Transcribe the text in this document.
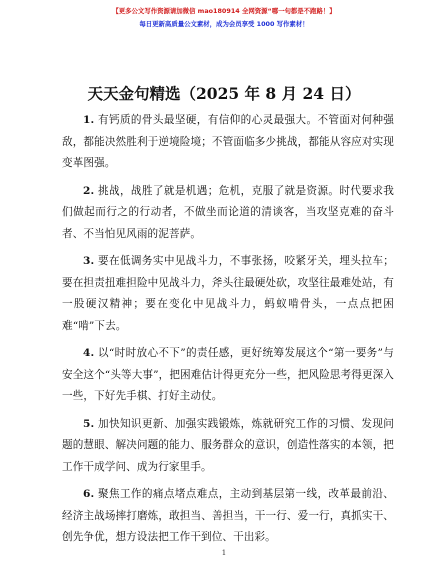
【更多公文写作资源请加微信 mao180914 全网资源“哪一句都是不跑路！】
每日更新高质量公文素材，成为会员享受 1000 写作素材！
天天金句精选（2025 年 8 月 24 日）

1. 有钙质的骨头最坚硬，有信仰的心灵最强大。不管面对何种强敌，都能决然胜利于逆境险境；不管面临多少挑战，都能从容应对实现变革图强。

2. 挑战，战胜了就是机遇；危机，克服了就是资源。时代要求我们做起而行之的行动者，不做坐而论道的清谈客，当攻坚克难的奋斗者、不当怕见风雨的泥菩萨。

3. 要在低调务实中见战斗力，不事张扬，咬紧牙关，埋头拉车；要在担责扭难担险中见战斗力，斧头往最硬处砍，攻坚往最难处站，有一股硬汉精神；要在变化中见战斗力，蚂蚁啃骨头，一点点把困难“啃”下去。

4. 以“时时放心不下”的责任感，更好统筹发展这个“第一要务”与安全这个“头等大事”，把困难估计得更充分一些，把风险思考得更深入一些，下好先手棋、打好主动仗。

5. 加快知识更新、加强实践锻炼，炼就研究工作的习惯、发现问题的慧眼、解决问题的能力、服务群众的意识，创造性落实的本领，把工作干成学问、成为行家里手。

6. 聚焦工作的痛点堵点难点，主动到基层第一线，改革最前沿、经济主战场摔打磨炼，敢担当、善担当，干一行、爱一行，真抓实干、创先争优，想方设法把工作干到位、干出彩。

1
